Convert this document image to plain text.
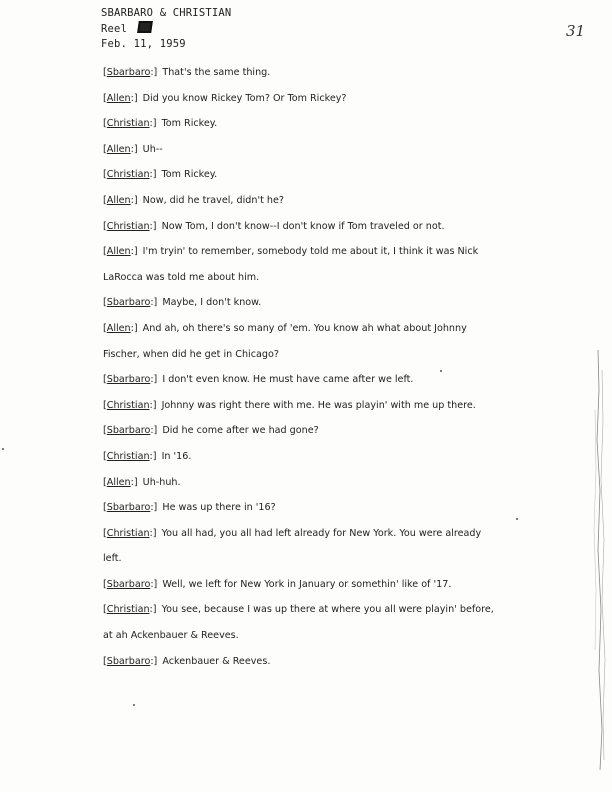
SBARBARO & CHRISTIAN
Reel
Feb. 11, 1959
31
[Sbarbaro:] That's the same thing.
[Allen:] Did you know Rickey Tom? Or Tom Rickey?
[Christian:] Tom Rickey.
[Allen:] Uh--
[Christian:] Tom Rickey.
[Allen:] Now, did he travel, didn't he?
[Christian:] Now Tom, I don't know--I don't know if Tom traveled or not.
[Allen:] I'm tryin' to remember, somebody told me about it, I think it was Nick
LaRocca was told me about him.
[Sbarbaro:] Maybe, I don't know.
[Allen:] And ah, oh there's so many of 'em. You know ah what about Johnny
Fischer, when did he get in Chicago?
[Sbarbaro:] I don't even know. He must have came after we left.
[Christian:] Johnny was right there with me. He was playin' with me up there.
[Sbarbaro:] Did he come after we had gone?
[Christian:] In '16.
[Allen:] Uh-huh.
[Sbarbaro:] He was up there in '16?
[Christian:] You all had, you all had left already for New York. You were already
left.
[Sbarbaro:] Well, we left for New York in January or somethin' like of '17.
[Christian:] You see, because I was up there at where you all were playin' before,
at ah Ackenbauer & Reeves.
[Sbarbaro:] Ackenbauer & Reeves.
